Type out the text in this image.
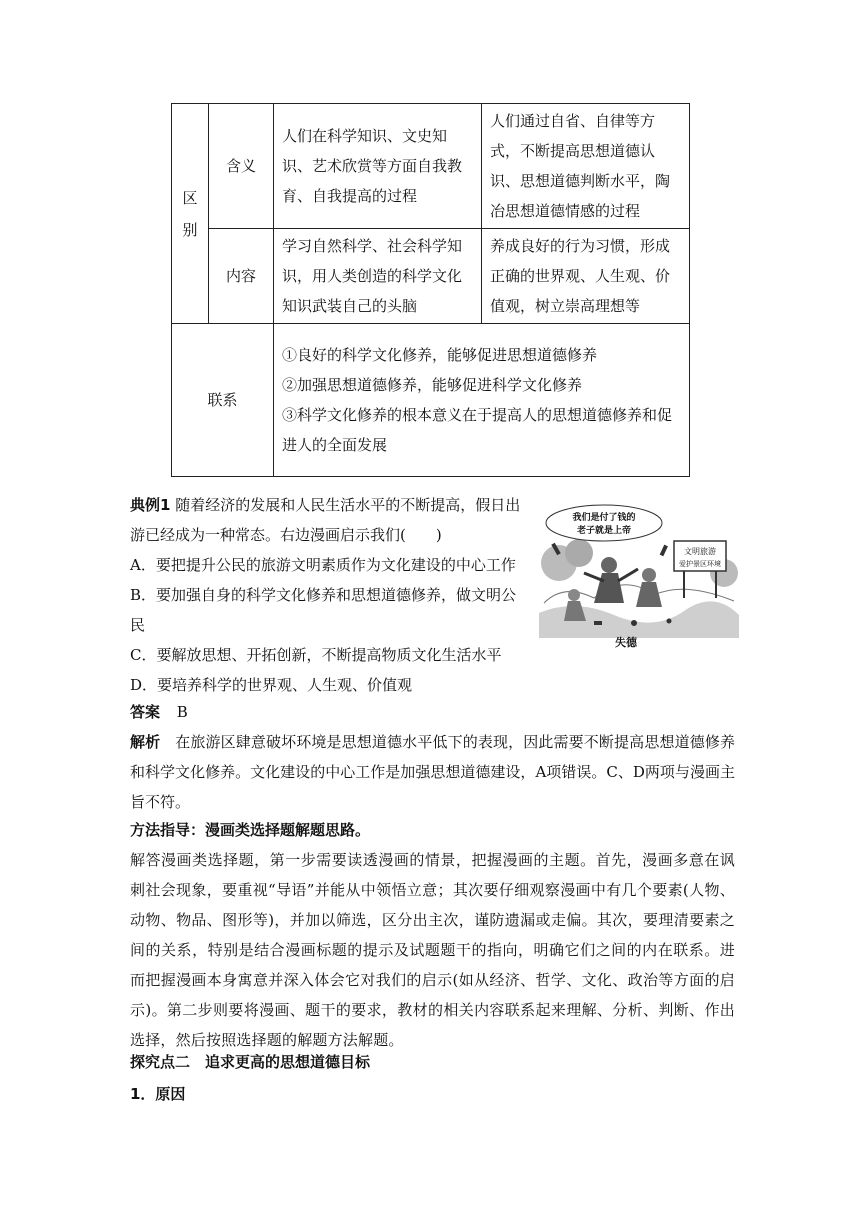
区
别	含义	人们在科学知识、文史知识、艺术欣赏等方面自我教育、自我提高的过程	人们通过自省、自律等方式，不断提高思想道德认识、思想道德判断水平，陶冶思想道德情感的过程

	内容	学习自然科学、社会科学知识，用人类创造的科学文化知识武装自己的头脑	养成良好的行为习惯，形成正确的世界观、人生观、价值观，树立崇高理想等

联系		①良好的科学文化修养，能够促进思想道德修养
②加强思想道德修养，能够促进科学文化修养
③科学文化修养的根本意义在于提高人的思想道德修养和促进人的全面发展	

典例1 随着经济的发展和人民生活水平的不断提高，假日出游已经成为一种常态。右边漫画启示我们(　　)

A．要把提升公民的旅游文明素质作为文化建设的中心工作

B．要加强自身的科学文化修养和思想道德修养，做文明公民

C．要解放思想、开拓创新，不断提高物质文化生活水平

D．要培养科学的世界观、人生观、价值观

文明旅游
爱护景区环境
我们是付了钱的
老子就是上帝
失德
答案 B
解析 在旅游区肆意破坏环境是思想道德水平低下的表现，因此需要不断提高思想道德修养和科学文化修养。文化建设的中心工作是加强思想道德建设，A项错误。C、D两项与漫画主旨不符。
方法指导：漫画类选择题解题思路。
解答漫画类选择题，第一步需要读透漫画的情景，把握漫画的主题。首先，漫画多意在讽刺社会现象，要重视“导语”并能从中领悟立意；其次要仔细观察漫画中有几个要素(人物、动物、物品、图形等)，并加以筛选，区分出主次，谨防遗漏或走偏。其次，要理清要素之间的关系，特别是结合漫画标题的提示及试题题干的指向，明确它们之间的内在联系。进而把握漫画本身寓意并深入体会它对我们的启示(如从经济、哲学、文化、政治等方面的启示)。第二步则要将漫画、题干的要求，教材的相关内容联系起来理解、分析、判断、作出选择，然后按照选择题的解题方法解题。
探究点二　追求更高的思想道德目标
1．原因
